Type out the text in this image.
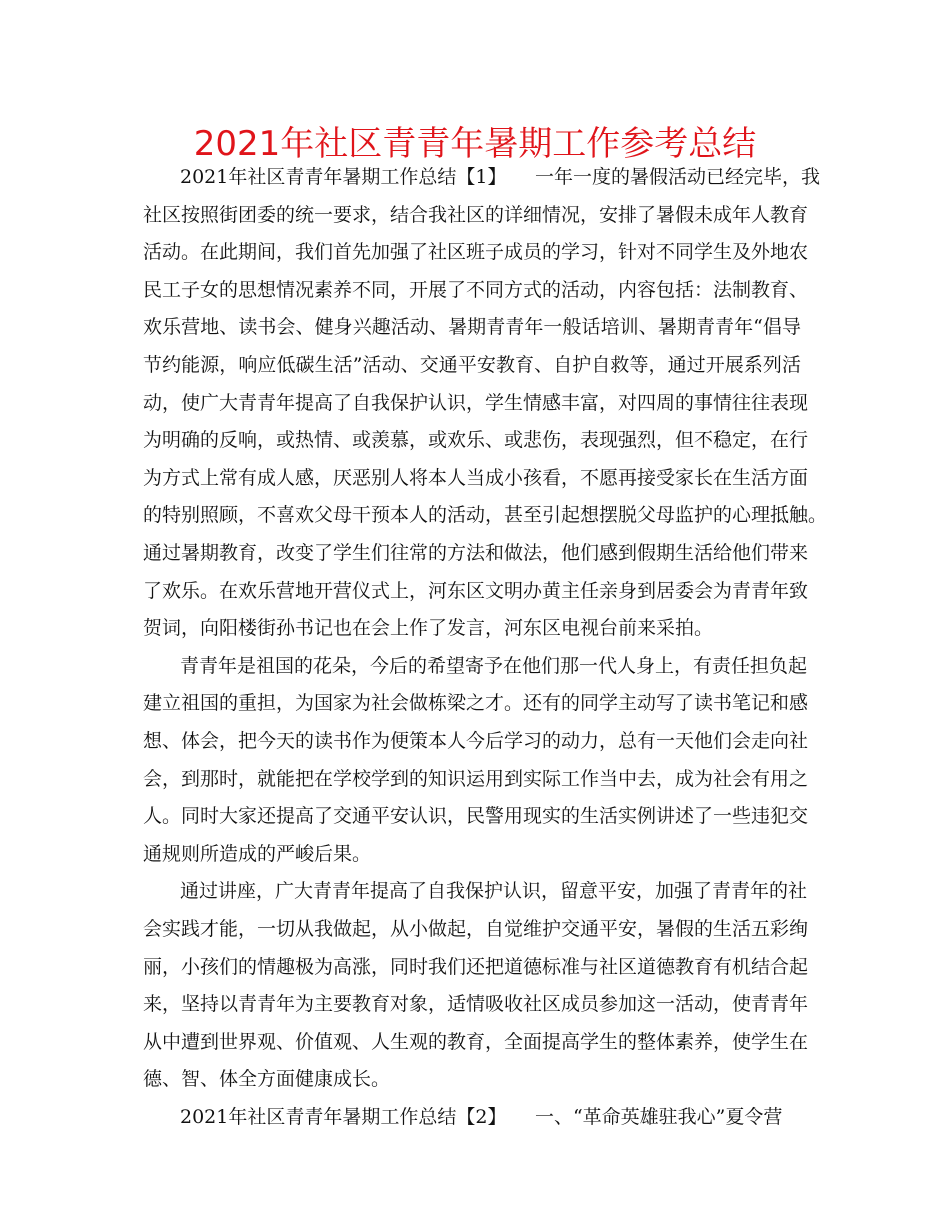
2021年社区青青年暑期工作参考总结
2021年社区青青年暑期工作总结【1】　　一年一度的暑假活动已经完毕，我
社区按照街团委的统一要求，结合我社区的详细情况，安排了暑假未成年人教育
活动。在此期间，我们首先加强了社区班子成员的学习，针对不同学生及外地农
民工子女的思想情况素养不同，开展了不同方式的活动，内容包括：法制教育、
欢乐营地、读书会、健身兴趣活动、暑期青青年一般话培训、暑期青青年“倡导
节约能源，响应低碳生活”活动、交通平安教育、自护自救等，通过开展系列活
动，使广大青青年提高了自我保护认识，学生情感丰富，对四周的事情往往表现
为明确的反响，或热情、或羡慕，或欢乐、或悲伤，表现强烈，但不稳定，在行
为方式上常有成人感，厌恶别人将本人当成小孩看，不愿再接受家长在生活方面
的特别照顾，不喜欢父母干预本人的活动，甚至引起想摆脱父母监护的心理抵触。
通过暑期教育，改变了学生们往常的方法和做法，他们感到假期生活给他们带来
了欢乐。在欢乐营地开营仪式上，河东区文明办黄主任亲身到居委会为青青年致
贺词，向阳楼街孙书记也在会上作了发言，河东区电视台前来采拍。
青青年是祖国的花朵，今后的希望寄予在他们那一代人身上，有责任担负起
建立祖国的重担，为国家为社会做栋梁之才。还有的同学主动写了读书笔记和感
想、体会，把今天的读书作为便策本人今后学习的动力，总有一天他们会走向社
会，到那时，就能把在学校学到的知识运用到实际工作当中去，成为社会有用之
人。同时大家还提高了交通平安认识，民警用现实的生活实例讲述了一些违犯交
通规则所造成的严峻后果。
通过讲座，广大青青年提高了自我保护认识，留意平安，加强了青青年的社
会实践才能，一切从我做起，从小做起，自觉维护交通平安，暑假的生活五彩绚
丽，小孩们的情趣极为高涨，同时我们还把道德标准与社区道德教育有机结合起
来，坚持以青青年为主要教育对象，适情吸收社区成员参加这一活动，使青青年
从中遭到世界观、价值观、人生观的教育，全面提高学生的整体素养，使学生在
德、智、体全方面健康成长。
2021年社区青青年暑期工作总结【2】　　一、“革命英雄驻我心”夏令营
